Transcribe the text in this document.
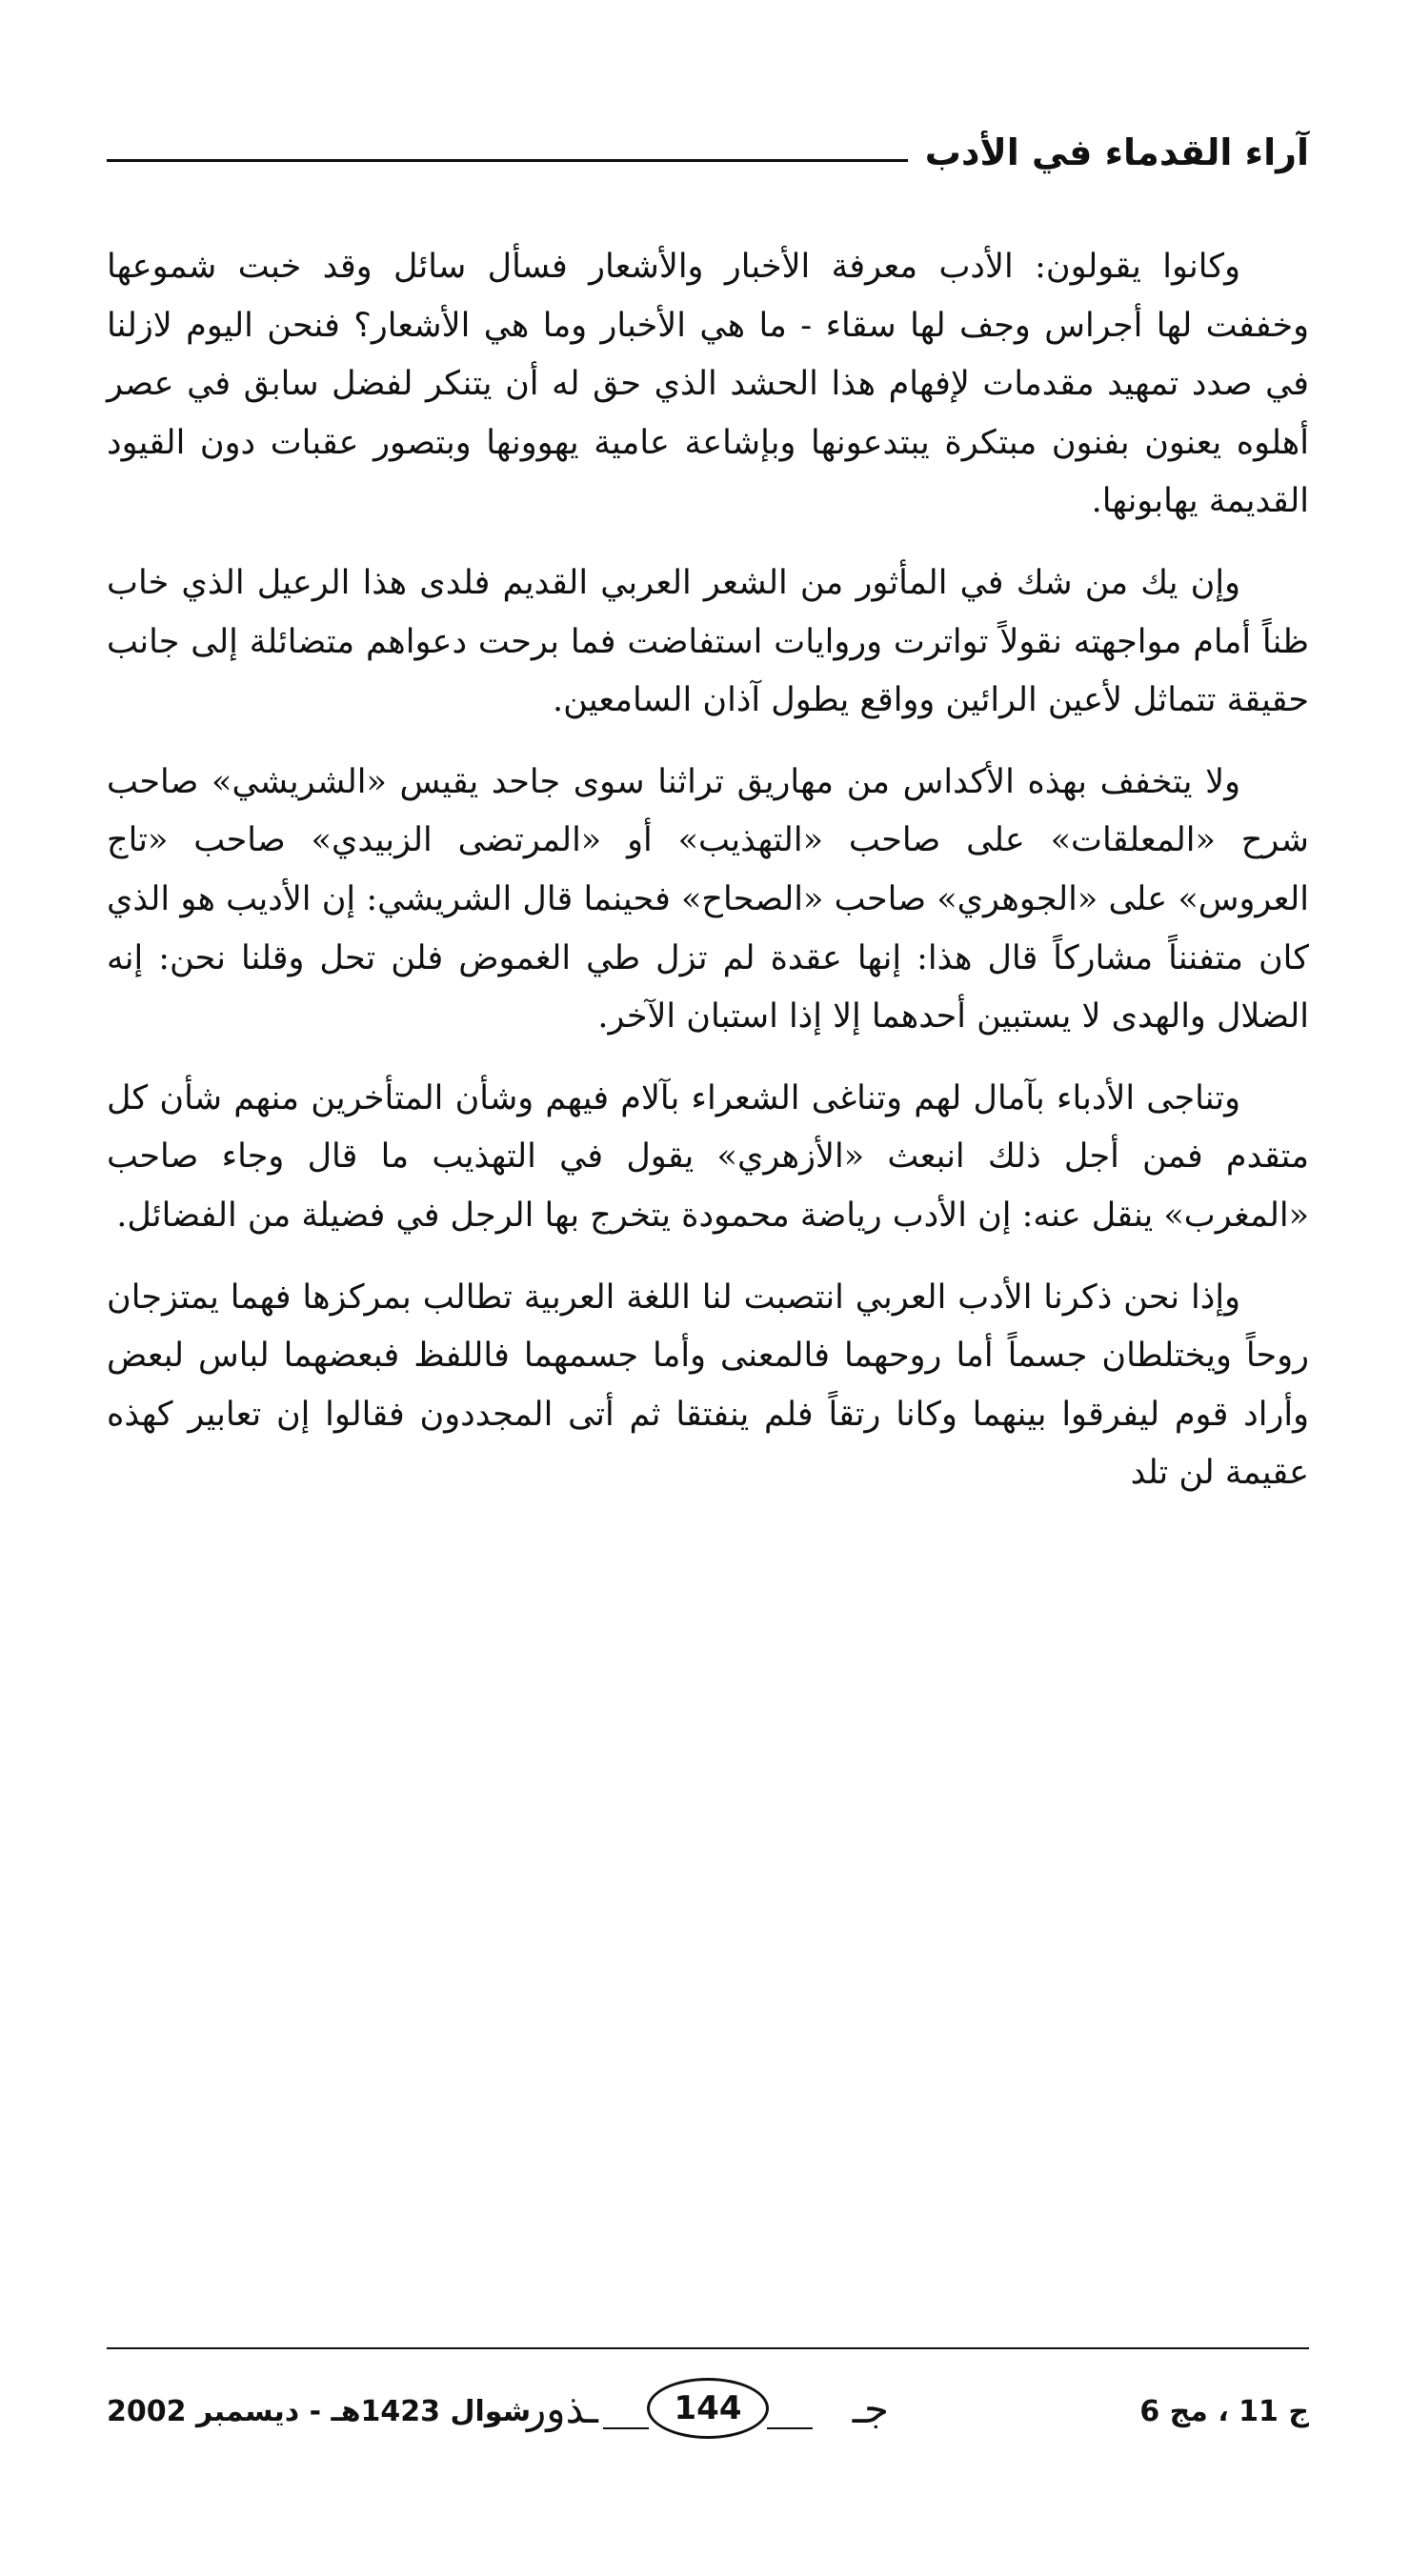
آراء القدماء في الأدب

وكانوا يقولون: الأدب معرفة الأخبار والأشعار فسأل سائل وقد خبت شموعها وخففت لها أجراس وجف لها سقاء - ما هي الأخبار وما هي الأشعار؟ فنحن اليوم لازلنا في صدد تمهيد مقدمات لإفهام هذا الحشد الذي حق له أن يتنكر لفضل سابق في عصر أهلوه يعنون بفنون مبتكرة يبتدعونها وبإشاعة عامية يهوونها وبتصور عقبات دون القيود القديمة يهابونها.

وإن يك من شك في المأثور من الشعر العربي القديم فلدى هذا الرعيل الذي خاب ظناً أمام مواجهته نقولاً تواترت وروايات استفاضت فما برحت دعواهم متضائلة إلى جانب حقيقة تتماثل لأعين الرائين وواقع يطول آذان السامعين.

ولا يتخفف بهذه الأكداس من مهاريق تراثنا سوى جاحد يقيس «الشريشي» صاحب شرح «المعلقات» على صاحب «التهذيب» أو «المرتضى الزبيدي» صاحب «تاج العروس» على «الجوهري» صاحب «الصحاح» فحينما قال الشريشي: إن الأديب هو الذي كان متفنناً مشاركاً قال هذا: إنها عقدة لم تزل طي الغموض فلن تحل وقلنا نحن: إنه الضلال والهدى لا يستبين أحدهما إلا إذا استبان الآخر.

وتناجى الأدباء بآمال لهم وتناغى الشعراء بآلام فيهم وشأن المتأخرين منهم شأن كل متقدم فمن أجل ذلك انبعث «الأزهري» يقول في التهذيب ما قال وجاء صاحب «المغرب» ينقل عنه: إن الأدب رياضة محمودة يتخرج بها الرجل في فضيلة من الفضائل.

وإذا نحن ذكرنا الأدب العربي انتصبت لنا اللغة العربية تطالب بمركزها فهما يمتزجان روحاً ويختلطان جسماً أما روحهما فالمعنى وأما جسمهما فاللفظ فبعضهما لباس لبعض وأراد قوم ليفرقوا بينهما وكانا رتقاً فلم ينفتقا ثم أتى المجددون فقالوا إن تعابير كهذه عقيمة لن تلد

شوال 1423هـ - ديسمبر 2002	جـ
144
ـذور	ج 11 ، مج 6
